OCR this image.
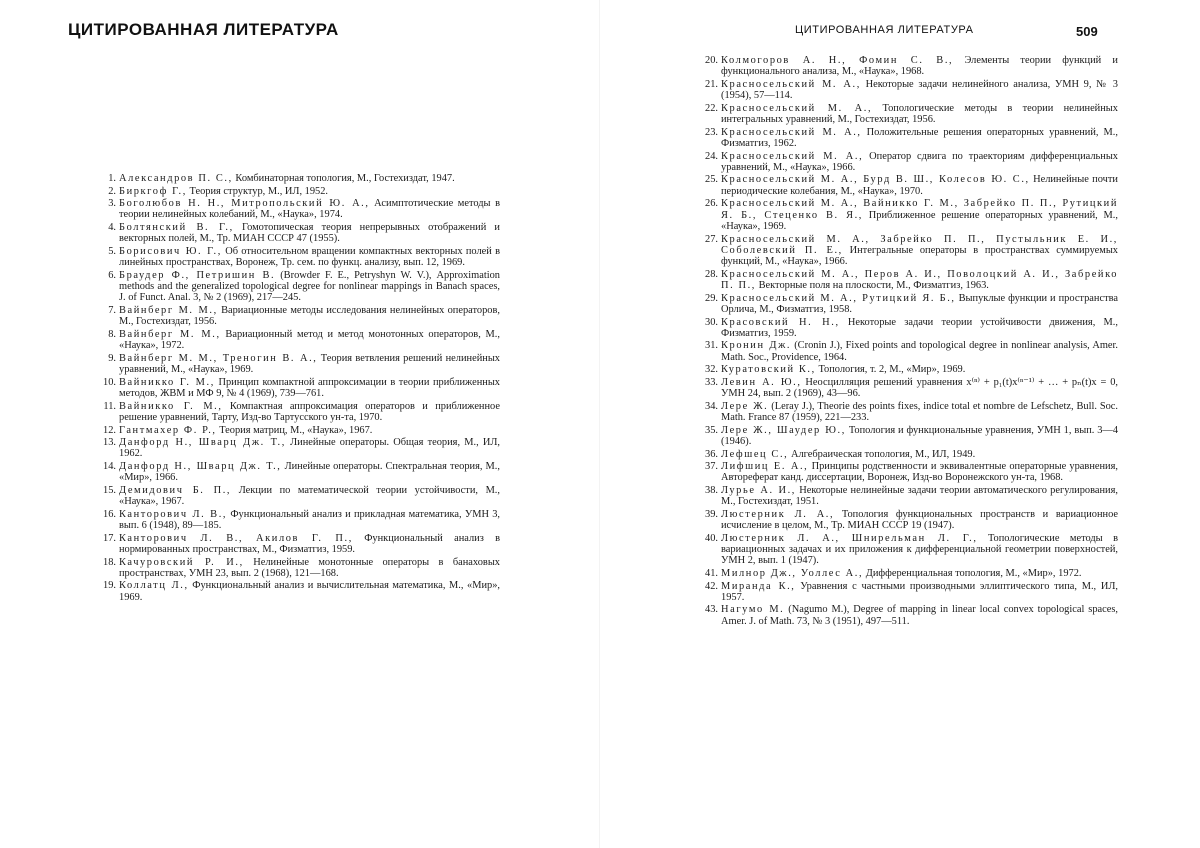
ЦИТИРОВАННАЯ ЛИТЕРАТУРА
1. Александров П. С., Комбинаторная топология, М., Гостехиздат, 1947.
2. Биркгоф Г., Теория структур, М., ИЛ, 1952.
3. Боголюбов Н. Н., Митропольский Ю. А., Асимптотические методы в теории нелинейных колебаний, М., «Наука», 1974.
4. Болтянский В. Г., Гомотопическая теория непрерывных отображений и векторных полей, М., Тр. МИАН СССР 47 (1955).
5. Борисович Ю. Г., Об относительном вращении компактных векторных полей в линейных пространствах, Воронеж, Тр. сем. по функц. анализу, вып. 12, 1969.
6. Браудер Ф., Петришин В. (Browder F. E., Petryshyn W. V.), Approximation methods and the generalized topological degree for nonlinear mappings in Banach spaces, J. of Funct. Anal. 3, № 2 (1969), 217—245.
7. Вайнберг М. М., Вариационные методы исследования нелинейных операторов, М., Гостехиздат, 1956.
8. Вайнберг М. М., Вариационный метод и метод монотонных операторов, М., «Наука», 1972.
9. Вайнберг М. М., Треногин В. А., Теория ветвления решений нелинейных уравнений, М., «Наука», 1969.
10. Вайникко Г. М., Принцип компактной аппроксимации в теории приближенных методов, ЖВМ и МФ 9, № 4 (1969), 739—761.
11. Вайникко Г. М., Компактная аппроксимация операторов и приближенное решение уравнений, Тарту, Изд-во Тартусского ун-та, 1970.
12. Гантмахер Ф. Р., Теория матриц, М., «Наука», 1967.
13. Данфорд Н., Шварц Дж. Т., Линейные операторы. Общая теория, М., ИЛ, 1962.
14. Данфорд Н., Шварц Дж. Т., Линейные операторы. Спектральная теория, М., «Мир», 1966.
15. Демидович Б. П., Лекции по математической теории устойчивости, М., «Наука», 1967.
16. Канторович Л. В., Функциональный анализ и прикладная математика, УМН 3, вып. 6 (1948), 89—185.
17. Канторович Л. В., Акилов Г. П., Функциональный анализ в нормированных пространствах, М., Физматгиз, 1959.
18. Качуровский Р. И., Нелинейные монотонные операторы в банаховых пространствах, УМН 23, вып. 2 (1968), 121—168.
19. Коллатц Л., Функциональный анализ и вычислительная математика, М., «Мир», 1969.
ЦИТИРОВАННАЯ ЛИТЕРАТУРА	509
20. Колмогоров А. Н., Фомин С. В., Элементы теории функций и функционального анализа, М., «Наука», 1968.
21. Красносельский М. А., Некоторые задачи нелинейного анализа, УМН 9, № 3 (1954), 57—114.
22. Красносельский М. А., Топологические методы в теории нелинейных интегральных уравнений, М., Гостехиздат, 1956.
23. Красносельский М. А., Положительные решения операторных уравнений, М., Физматгиз, 1962.
24. Красносельский М. А., Оператор сдвига по траекториям дифференциальных уравнений, М., «Наука», 1966.
25. Красносельский М. А., Бурд В. Ш., Колесов Ю. С., Нелинейные почти периодические колебания, М., «Наука», 1970.
26. Красносельский М. А., Вайникко Г. М., Забрейко П. П., Рутицкий Я. Б., Стеценко В. Я., Приближенное решение операторных уравнений, М., «Наука», 1969.
27. Красносельский М. А., Забрейко П. П., Пустыльник Е. И., Соболевский П. Е., Интегральные операторы в пространствах суммируемых функций, М., «Наука», 1966.
28. Красносельский М. А., Перов А. И., Поволоцкий А. И., Забрейко П. П., Векторные поля на плоскости, М., Физматгиз, 1963.
29. Красносельский М. А., Рутицкий Я. Б., Выпуклые функции и пространства Орлича, М., Физматгиз, 1958.
30. Красовский Н. Н., Некоторые задачи теории устойчивости движения, М., Физматгиз, 1959.
31. Кронин Дж. (Cronin J.), Fixed points and topological degree in nonlinear analysis, Amer. Math. Soc., Providence, 1964.
32. Куратовский К., Топология, т. 2, М., «Мир», 1969.
33. Левин А. Ю., Неосцилляция решений уравнения x⁽ⁿ⁾ + p₁(t)x⁽ⁿ⁻¹⁾ + … + pₙ(t)x = 0, УМН 24, вып. 2 (1969), 43—96.
34. Лере Ж. (Leray J.), Theorie des points fixes, indice total et nombre de Lefschetz, Bull. Soc. Math. France 87 (1959), 221—233.
35. Лере Ж., Шаудер Ю., Топология и функциональные уравнения, УМН 1, вып. 3—4 (1946).
36. Лефшец С., Алгебраическая топология, М., ИЛ, 1949.
37. Лифшиц Е. А., Принципы родственности и эквивалентные операторные уравнения, Автореферат канд. диссертации, Воронеж, Изд-во Воронежского ун-та, 1968.
38. Лурье А. И., Некоторые нелинейные задачи теории автоматического регулирования, М., Гостехиздат, 1951.
39. Люстерник Л. А., Топология функциональных пространств и вариационное исчисление в целом, М., Тр. МИАН СССР 19 (1947).
40. Люстерник Л. А., Шнирельман Л. Г., Топологические методы в вариационных задачах и их приложения к дифференциальной геометрии поверхностей, УМН 2, вып. 1 (1947).
41. Милнор Дж., Уоллес А., Дифференциальная топология, М., «Мир», 1972.
42. Миранда К., Уравнения с частными производными эллиптического типа, М., ИЛ, 1957.
43. Нагумо М. (Nagumo M.), Degree of mapping in linear local convex topological spaces, Amer. J. of Math. 73, № 3 (1951), 497—511.
